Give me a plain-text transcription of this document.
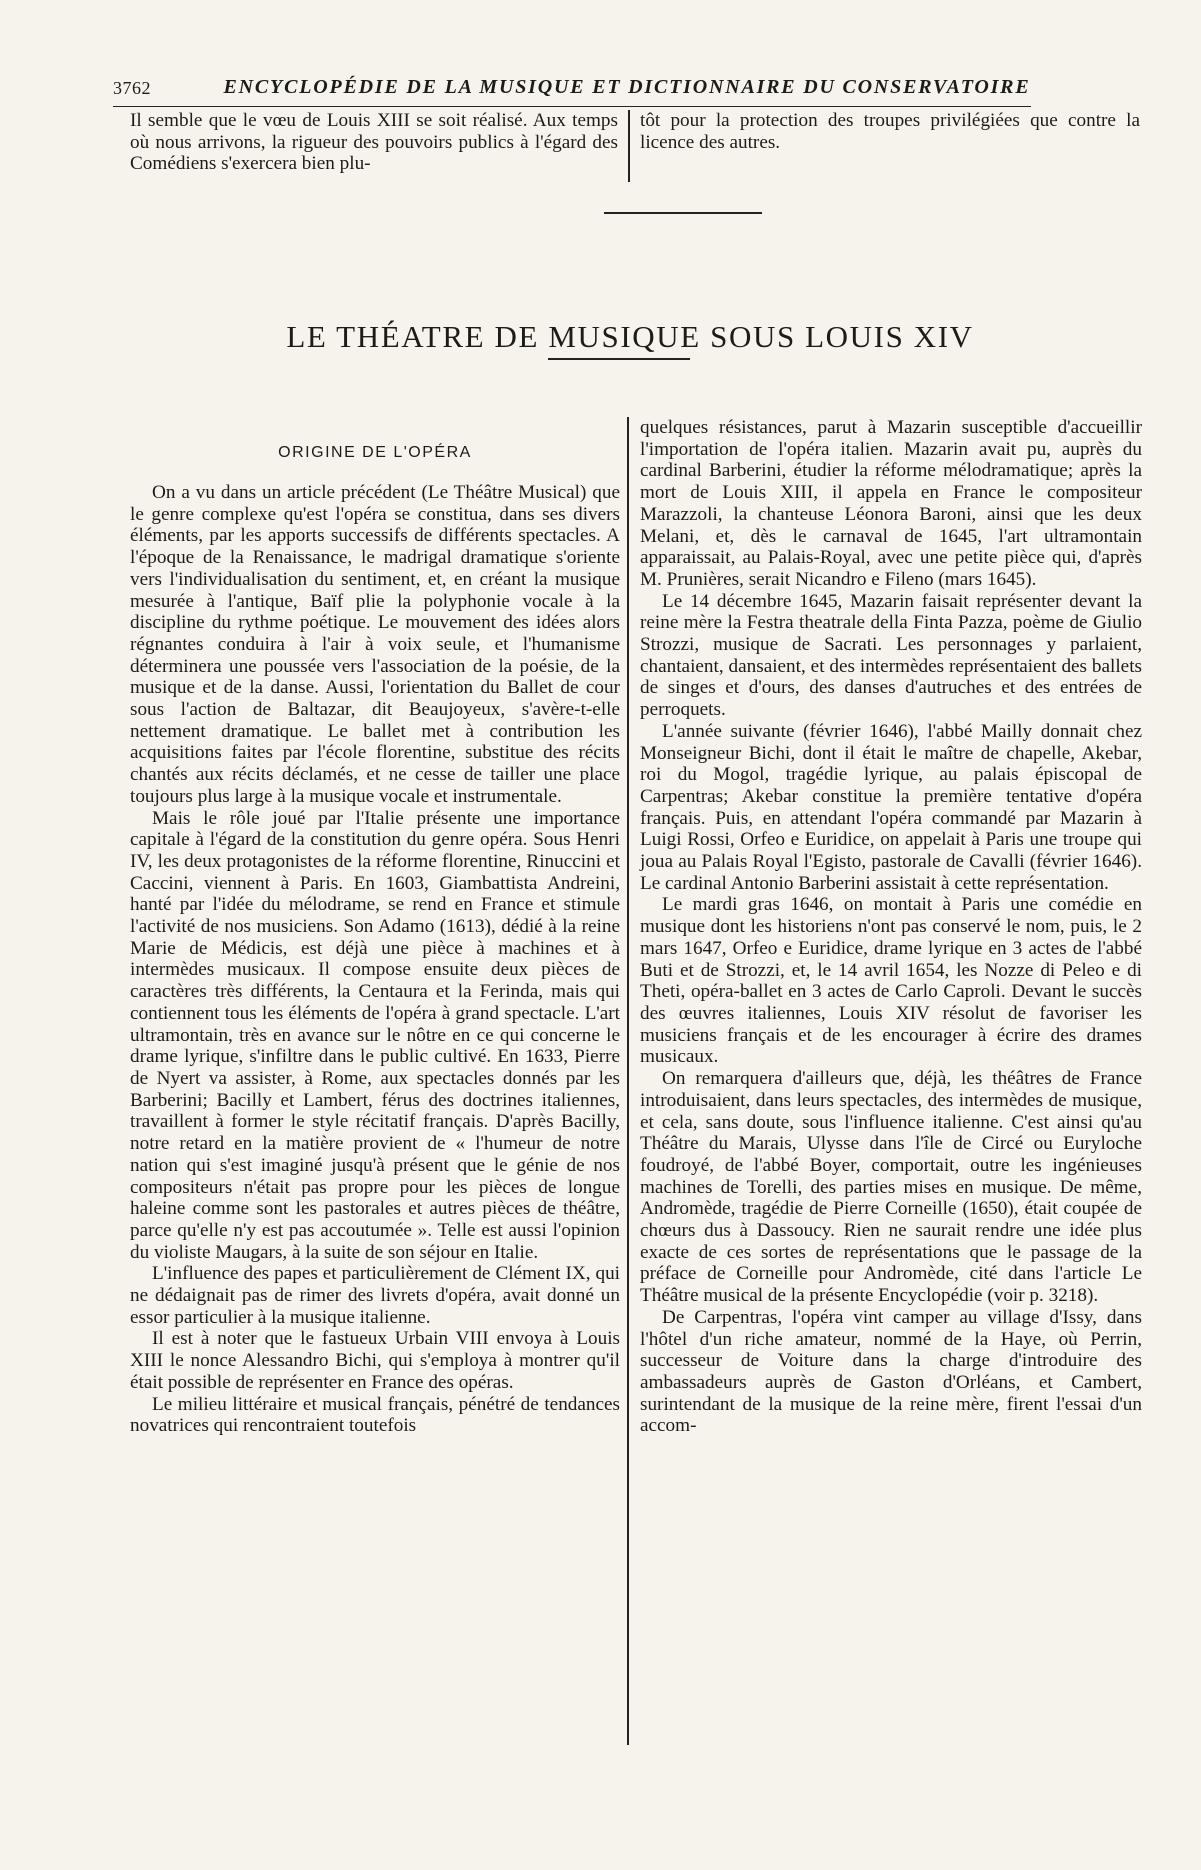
3762	ENCYCLOPÉDIE DE LA MUSIQUE ET DICTIONNAIRE DU CONSERVATOIRE

Il semble que le vœu de Louis XIII se soit réalisé. Aux temps où nous arrivons, la rigueur des pouvoirs publics à l'égard des Comédiens s'exercera bien plu-

tôt pour la protection des troupes privilégiées que contre la licence des autres.

LE THÉATRE DE MUSIQUE SOUS LOUIS XIV
ORIGINE DE L'OPÉRA

On a vu dans un article précédent (Le Théâtre Musical) que le genre complexe qu'est l'opéra se constitua, dans ses divers éléments, par les apports successifs de différents spectacles. A l'époque de la Renaissance, le madrigal dramatique s'oriente vers l'individualisation du sentiment, et, en créant la musique mesurée à l'antique, Baïf plie la polyphonie vocale à la discipline du rythme poétique. Le mouvement des idées alors régnantes conduira à l'air à voix seule, et l'humanisme déterminera une poussée vers l'association de la poésie, de la musique et de la danse. Aussi, l'orientation du Ballet de cour sous l'action de Baltazar, dit Beaujoyeux, s'avère-t-elle nettement dramatique. Le ballet met à contribution les acquisitions faites par l'école florentine, substitue des récits chantés aux récits déclamés, et ne cesse de tailler une place toujours plus large à la musique vocale et instrumentale.

Mais le rôle joué par l'Italie présente une importance capitale à l'égard de la constitution du genre opéra. Sous Henri IV, les deux protagonistes de la réforme florentine, Rinuccini et Caccini, viennent à Paris. En 1603, Giambattista Andreini, hanté par l'idée du mélodrame, se rend en France et stimule l'activité de nos musiciens. Son Adamo (1613), dédié à la reine Marie de Médicis, est déjà une pièce à machines et à intermèdes musicaux. Il compose ensuite deux pièces de caractères très différents, la Centaura et la Ferinda, mais qui contiennent tous les éléments de l'opéra à grand spectacle. L'art ultramontain, très en avance sur le nôtre en ce qui concerne le drame lyrique, s'infiltre dans le public cultivé. En 1633, Pierre de Nyert va assister, à Rome, aux spectacles donnés par les Barberini; Bacilly et Lambert, férus des doctrines italiennes, travaillent à former le style récitatif français. D'après Bacilly, notre retard en la matière provient de « l'humeur de notre nation qui s'est imaginé jusqu'à présent que le génie de nos compositeurs n'était pas propre pour les pièces de longue haleine comme sont les pastorales et autres pièces de théâtre, parce qu'elle n'y est pas accoutumée ». Telle est aussi l'opinion du violiste Maugars, à la suite de son séjour en Italie.

L'influence des papes et particulièrement de Clément IX, qui ne dédaignait pas de rimer des livrets d'opéra, avait donné un essor particulier à la musique italienne.

Il est à noter que le fastueux Urbain VIII envoya à Louis XIII le nonce Alessandro Bichi, qui s'employa à montrer qu'il était possible de représenter en France des opéras.

Le milieu littéraire et musical français, pénétré de tendances novatrices qui rencontraient toutefois

quelques résistances, parut à Mazarin susceptible d'accueillir l'importation de l'opéra italien. Mazarin avait pu, auprès du cardinal Barberini, étudier la réforme mélodramatique; après la mort de Louis XIII, il appela en France le compositeur Marazzoli, la chanteuse Léonora Baroni, ainsi que les deux Melani, et, dès le carnaval de 1645, l'art ultramontain apparaissait, au Palais-Royal, avec une petite pièce qui, d'après M. Prunières, serait Nicandro e Fileno (mars 1645).

Le 14 décembre 1645, Mazarin faisait représenter devant la reine mère la Festra theatrale della Finta Pazza, poème de Giulio Strozzi, musique de Sacrati. Les personnages y parlaient, chantaient, dansaient, et des intermèdes représentaient des ballets de singes et d'ours, des danses d'autruches et des entrées de perroquets.

L'année suivante (février 1646), l'abbé Mailly donnait chez Monseigneur Bichi, dont il était le maître de chapelle, Akebar, roi du Mogol, tragédie lyrique, au palais épiscopal de Carpentras; Akebar constitue la première tentative d'opéra français. Puis, en attendant l'opéra commandé par Mazarin à Luigi Rossi, Orfeo e Euridice, on appelait à Paris une troupe qui joua au Palais Royal l'Egisto, pastorale de Cavalli (février 1646). Le cardinal Antonio Barberini assistait à cette représentation.

Le mardi gras 1646, on montait à Paris une comédie en musique dont les historiens n'ont pas conservé le nom, puis, le 2 mars 1647, Orfeo e Euridice, drame lyrique en 3 actes de l'abbé Buti et de Strozzi, et, le 14 avril 1654, les Nozze di Peleo e di Theti, opéra-ballet en 3 actes de Carlo Caproli. Devant le succès des œuvres italiennes, Louis XIV résolut de favoriser les musiciens français et de les encourager à écrire des drames musicaux.

On remarquera d'ailleurs que, déjà, les théâtres de France introduisaient, dans leurs spectacles, des intermèdes de musique, et cela, sans doute, sous l'influence italienne. C'est ainsi qu'au Théâtre du Marais, Ulysse dans l'île de Circé ou Euryloche foudroyé, de l'abbé Boyer, comportait, outre les ingénieuses machines de Torelli, des parties mises en musique. De même, Andromède, tragédie de Pierre Corneille (1650), était coupée de chœurs dus à Dassoucy. Rien ne saurait rendre une idée plus exacte de ces sortes de représentations que le passage de la préface de Corneille pour Andromède, cité dans l'article Le Théâtre musical de la présente Encyclopédie (voir p. 3218).

De Carpentras, l'opéra vint camper au village d'Issy, dans l'hôtel d'un riche amateur, nommé de la Haye, où Perrin, successeur de Voiture dans la charge d'introduire des ambassadeurs auprès de Gaston d'Orléans, et Cambert, surintendant de la musique de la reine mère, firent l'essai d'un accom-
